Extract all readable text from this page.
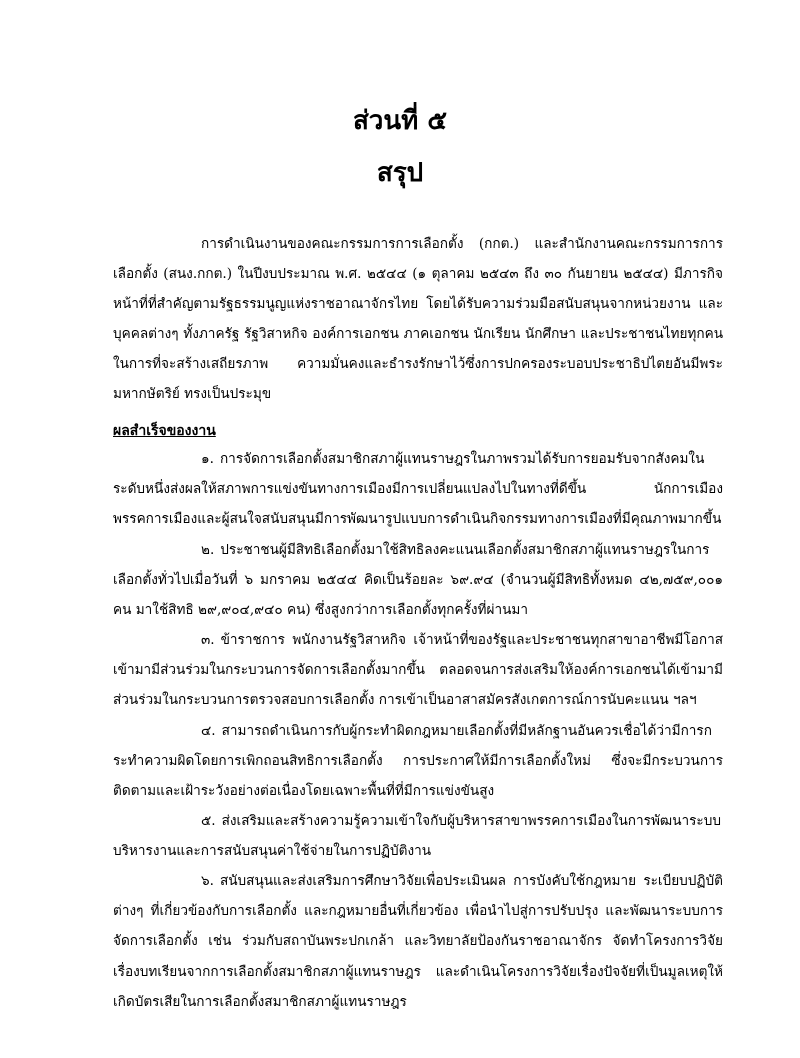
ส่วนที่ ๕
สรุป

การดำเนินงานของคณะกรรมการการเลือกตั้ง (กกต.) และสำนักงานคณะกรรมการการเลือกตั้ง (สนง.กกต.) ในปีงบประมาณ พ.ศ. ๒๕๔๔ (๑ ตุลาคม ๒๕๔๓ ถึง ๓๐ กันยายน ๒๕๔๔) มีภารกิจหน้าที่ที่สำคัญตามรัฐธรรมนูญแห่งราชอาณาจักรไทย โดยได้รับความร่วมมือสนับสนุนจากหน่วยงาน และบุคคลต่างๆ ทั้งภาครัฐ รัฐวิสาหกิจ องค์การเอกชน ภาคเอกชน นักเรียน นักศึกษา และประชาชนไทยทุกคน ในการที่จะสร้างเสถียรภาพ ความมั่นคงและธำรงรักษาไว้ซึ่งการปกครองระบอบประชาธิปไตยอันมีพระมหากษัตริย์ ทรงเป็นประมุข

ผลสำเร็จของงาน

๑. การจัดการเลือกตั้งสมาชิกสภาผู้แทนราษฎรในภาพรวมได้รับการยอมรับจากสังคมในระดับหนึ่งส่งผลให้สภาพการแข่งขันทางการเมืองมีการเปลี่ยนแปลงไปในทางที่ดีขึ้น นักการเมือง พรรคการเมืองและผู้สนใจสนับสนุนมีการพัฒนารูปแบบการดำเนินกิจกรรมทางการเมืองที่มีคุณภาพมากขึ้น

๒. ประชาชนผู้มีสิทธิเลือกตั้งมาใช้สิทธิลงคะแนนเลือกตั้งสมาชิกสภาผู้แทนราษฎรในการเลือกตั้งทั่วไปเมื่อวันที่ ๖ มกราคม ๒๕๔๔ คิดเป็นร้อยละ ๖๙.๙๔ (จำนวนผู้มีสิทธิทั้งหมด ๔๒,๗๕๙,๐๐๑ คน มาใช้สิทธิ ๒๙,๙๐๔,๙๔๐ คน) ซึ่งสูงกว่าการเลือกตั้งทุกครั้งที่ผ่านมา

๓. ข้าราชการ พนักงานรัฐวิสาหกิจ เจ้าหน้าที่ของรัฐและประชาชนทุกสาขาอาชีพมีโอกาสเข้ามามีส่วนร่วมในกระบวนการจัดการเลือกตั้งมากขึ้น ตลอดจนการส่งเสริมให้องค์การเอกชนได้เข้ามามีส่วนร่วมในกระบวนการตรวจสอบการเลือกตั้ง การเข้าเป็นอาสาสมัครสังเกตการณ์การนับคะแนน ฯลฯ

๔. สามารถดำเนินการกับผู้กระทำผิดกฎหมายเลือกตั้งที่มีหลักฐานอันควรเชื่อได้ว่ามีการกระทำความผิดโดยการเพิกถอนสิทธิการเลือกตั้ง การประกาศให้มีการเลือกตั้งใหม่ ซึ่งจะมีกระบวนการติดตามและเฝ้าระวังอย่างต่อเนื่องโดยเฉพาะพื้นที่ที่มีการแข่งขันสูง

๕. ส่งเสริมและสร้างความรู้ความเข้าใจกับผู้บริหารสาขาพรรคการเมืองในการพัฒนาระบบบริหารงานและการสนับสนุนค่าใช้จ่ายในการปฏิบัติงาน

๖. สนับสนุนและส่งเสริมการศึกษาวิจัยเพื่อประเมินผล การบังคับใช้กฎหมาย ระเบียบปฏิบัติต่างๆ ที่เกี่ยวข้องกับการเลือกตั้ง และกฎหมายอื่นที่เกี่ยวข้อง เพื่อนำไปสู่การปรับปรุง และพัฒนาระบบการจัดการเลือกตั้ง เช่น ร่วมกับสถาบันพระปกเกล้า และวิทยาลัยป้องกันราชอาณาจักร จัดทำโครงการวิจัยเรื่องบทเรียนจากการเลือกตั้งสมาชิกสภาผู้แทนราษฎร และดำเนินโครงการวิจัยเรื่องปัจจัยที่เป็นมูลเหตุให้เกิดบัตรเสียในการเลือกตั้งสมาชิกสภาผู้แทนราษฎร
